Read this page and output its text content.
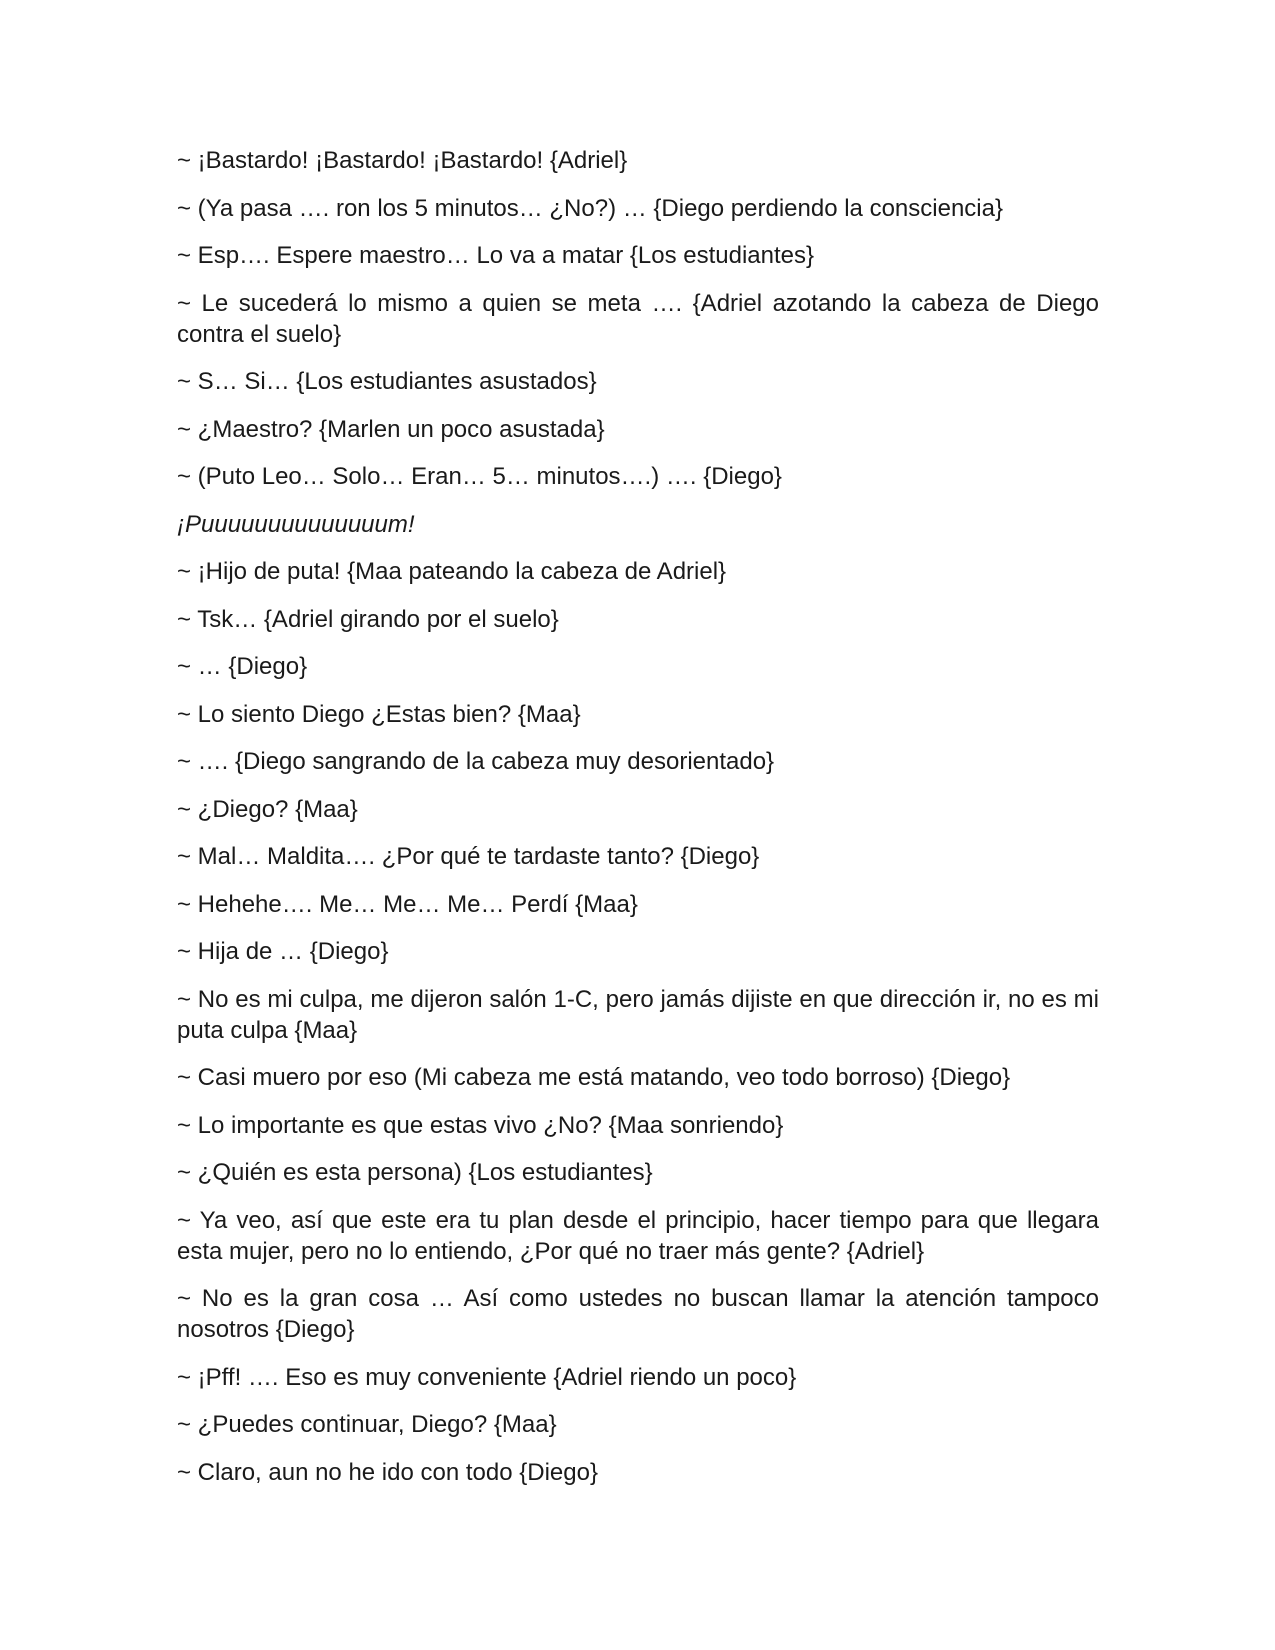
~ ¡Bastardo! ¡Bastardo! ¡Bastardo! {Adriel}

~ (Ya pasa …. ron los 5 minutos… ¿No?) … {Diego perdiendo la consciencia}

~ Esp…. Espere maestro… Lo va a matar {Los estudiantes}

~ Le sucederá lo mismo a quien se meta …. {Adriel azotando la cabeza de Diego contra el suelo}

~ S… Si… {Los estudiantes asustados}

~ ¿Maestro? {Marlen un poco asustada}

~ (Puto Leo… Solo… Eran… 5… minutos….) …. {Diego}

¡Puuuuuuuuuuuuuum!

~ ¡Hijo de puta! {Maa pateando la cabeza de Adriel}

~ Tsk… {Adriel girando por el suelo}

~ … {Diego}

~ Lo siento Diego ¿Estas bien? {Maa}

~ …. {Diego sangrando de la cabeza muy desorientado}

~ ¿Diego? {Maa}

~ Mal… Maldita…. ¿Por qué te tardaste tanto? {Diego}

~ Hehehe…. Me… Me… Me… Perdí {Maa}

~ Hija de … {Diego}

~ No es mi culpa, me dijeron salón 1-C, pero jamás dijiste en que dirección ir, no es mi puta culpa {Maa}

~ Casi muero por eso (Mi cabeza me está matando, veo todo borroso) {Diego}

~ Lo importante es que estas vivo ¿No? {Maa sonriendo}

~ ¿Quién es esta persona) {Los estudiantes}

~ Ya veo, así que este era tu plan desde el principio, hacer tiempo para que llegara esta mujer, pero no lo entiendo, ¿Por qué no traer más gente? {Adriel}

~ No es la gran cosa … Así como ustedes no buscan llamar la atención tampoco nosotros {Diego}

~ ¡Pff! …. Eso es muy conveniente {Adriel riendo un poco}

~ ¿Puedes continuar, Diego? {Maa}

~ Claro, aun no he ido con todo {Diego}
